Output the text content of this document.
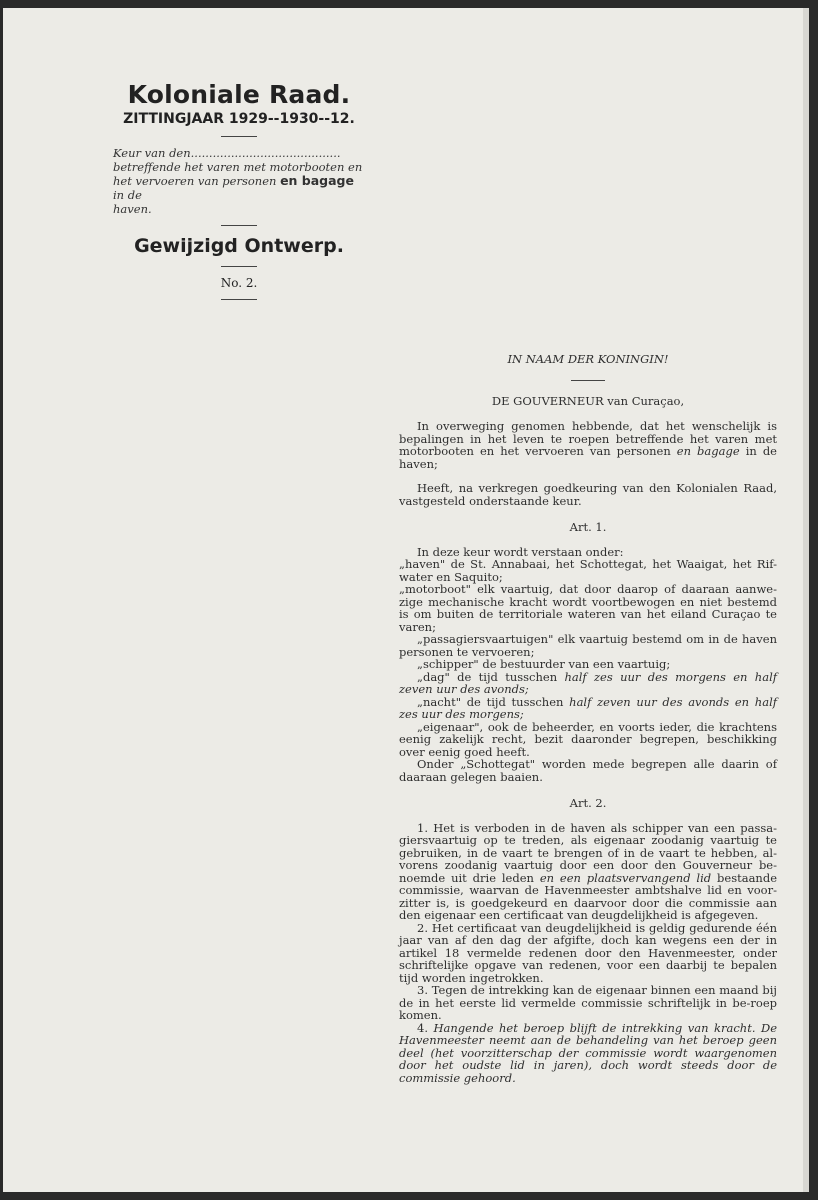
Koloniale Raad.

ZITTINGJAAR 1929--1930--12.

Keur van den.........................................
betreffende het varen met motorbooten en
het vervoeren van personen en bagage in de
haven.

Gewijzigd Ontwerp.

No. 2.

IN NAAM DER KONINGIN!

DE GOUVERNEUR van Curaçao,

In overweging genomen hebbende, dat het wenschelijk is bepalingen in het leven te roepen betreffende het varen met motorbooten en het vervoeren van personen en bagage in de haven;

Heeft, na verkregen goedkeuring van den Kolonialen Raad, vastgesteld onderstaande keur.

Art. 1.

In deze keur wordt verstaan onder:

„haven" de St. Annabaai, het Schottegat, het Waaigat, het Rif-water en Saquito;

„motorboot" elk vaartuig, dat door daarop of daaraan aanwe-zige mechanische kracht wordt voortbewogen en niet bestemd is om buiten de territoriale wateren van het eiland Curaçao te varen;

„passagiersvaartuigen" elk vaartuig bestemd om in de haven personen te vervoeren;

„schipper" de bestuurder van een vaartuig;

„dag" de tijd tusschen half zes uur des morgens en half zeven uur des avonds;

„nacht" de tijd tusschen half zeven uur des avonds en half zes uur des morgens;

„eigenaar", ook de beheerder, en voorts ieder, die krachtens eenig zakelijk recht, bezit daaronder begrepen, beschikking over eenig goed heeft.

Onder „Schottegat" worden mede begrepen alle daarin of daaraan gelegen baaien.

Art. 2.

1. Het is verboden in de haven als schipper van een passa-giersvaartuig op te treden, als eigenaar zoodanig vaartuig te gebruiken, in de vaart te brengen of in de vaart te hebben, al-vorens zoodanig vaartuig door een door den Gouverneur be-noemde uit drie leden en een plaatsvervangend lid bestaande commissie, waarvan de Havenmeester ambtshalve lid en voor-zitter is, is goedgekeurd en daarvoor door die commissie aan den eigenaar een certificaat van deugdelijkheid is afgegeven.

2. Het certificaat van deugdelijkheid is geldig gedurende één jaar van af den dag der afgifte, doch kan wegens een der in artikel 18 vermelde redenen door den Havenmeester, onder schriftelijke opgave van redenen, voor een daarbij te bepalen tijd worden ingetrokken.

3. Tegen de intrekking kan de eigenaar binnen een maand bij de in het eerste lid vermelde commissie schriftelijk in be-roep komen.

4. Hangende het beroep blijft de intrekking van kracht. De Havenmeester neemt aan de behandeling van het beroep geen deel (het voorzitterschap der commissie wordt waargenomen door het oudste lid in jaren), doch wordt steeds door de commissie gehoord.
